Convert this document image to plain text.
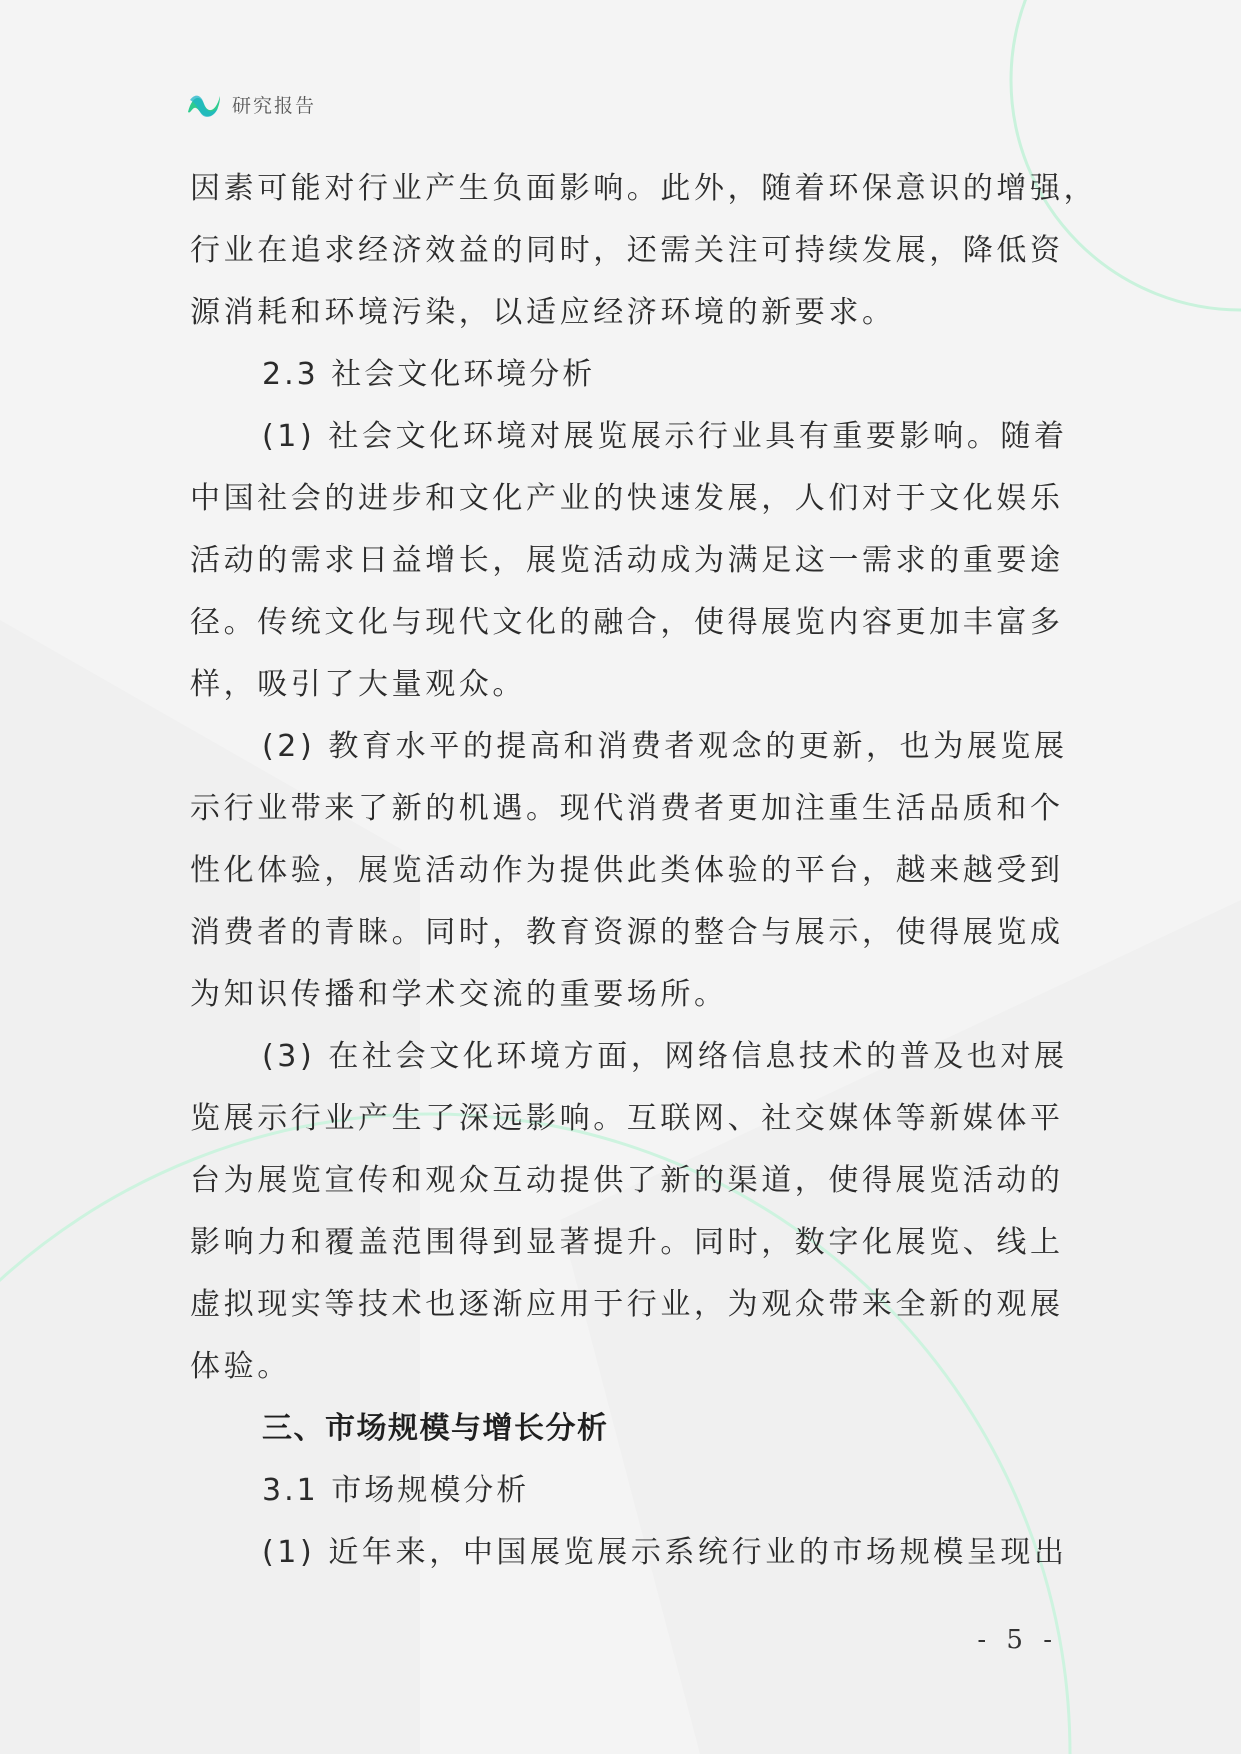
研究报告
因素可能对行业产生负面影响。此外，随着环保意识的增强，
行业在追求经济效益的同时，还需关注可持续发展，降低资
源消耗和环境污染，以适应经济环境的新要求。
2.3 社会文化环境分析
(1) 社会文化环境对展览展示行业具有重要影响。随着
中国社会的进步和文化产业的快速发展，人们对于文化娱乐
活动的需求日益增长，展览活动成为满足这一需求的重要途
径。传统文化与现代文化的融合，使得展览内容更加丰富多
样，吸引了大量观众。
(2) 教育水平的提高和消费者观念的更新，也为展览展
示行业带来了新的机遇。现代消费者更加注重生活品质和个
性化体验，展览活动作为提供此类体验的平台，越来越受到
消费者的青睐。同时，教育资源的整合与展示，使得展览成
为知识传播和学术交流的重要场所。
(3) 在社会文化环境方面，网络信息技术的普及也对展
览展示行业产生了深远影响。互联网、社交媒体等新媒体平
台为展览宣传和观众互动提供了新的渠道，使得展览活动的
影响力和覆盖范围得到显著提升。同时，数字化展览、线上
虚拟现实等技术也逐渐应用于行业，为观众带来全新的观展
体验。
三、市场规模与增长分析
3.1 市场规模分析
(1) 近年来，中国展览展示系统行业的市场规模呈现出
- 5 -
